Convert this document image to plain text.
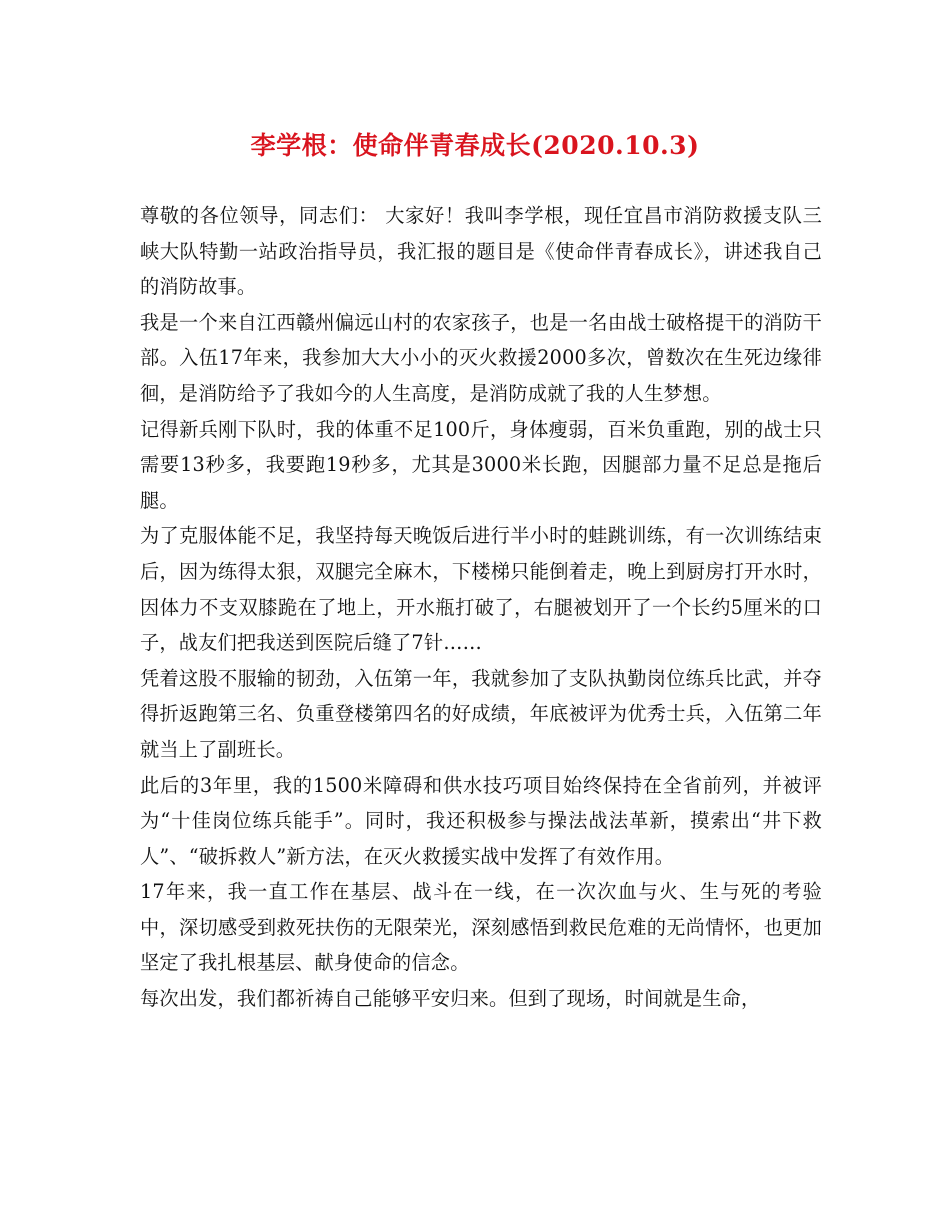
李学根：使命伴青春成长(2020.10.3)

尊敬的各位领导，同志们： 大家好！我叫李学根，现任宜昌市消防救援支队三峡大队特勤一站政治指导员，我汇报的题目是《使命伴青春成长》，讲述我自己的消防故事。

我是一个来自江西赣州偏远山村的农家孩子，也是一名由战士破格提干的消防干部。入伍17年来，我参加大大小小的灭火救援2000多次，曾数次在生死边缘徘徊，是消防给予了我如今的人生高度，是消防成就了我的人生梦想。

记得新兵刚下队时，我的体重不足100斤，身体瘦弱，百米负重跑，别的战士只需要13秒多，我要跑19秒多，尤其是3000米长跑，因腿部力量不足总是拖后腿。

为了克服体能不足，我坚持每天晚饭后进行半小时的蛙跳训练，有一次训练结束后，因为练得太狠，双腿完全麻木，下楼梯只能倒着走，晚上到厨房打开水时，因体力不支双膝跪在了地上，开水瓶打破了，右腿被划开了一个长约5厘米的口子，战友们把我送到医院后缝了7针……

凭着这股不服输的韧劲，入伍第一年，我就参加了支队执勤岗位练兵比武，并夺得折返跑第三名、负重登楼第四名的好成绩，年底被评为优秀士兵，入伍第二年就当上了副班长。

此后的3年里，我的1500米障碍和供水技巧项目始终保持在全省前列，并被评为“十佳岗位练兵能手”。同时，我还积极参与操法战法革新，摸索出“井下救人”、“破拆救人”新方法，在灭火救援实战中发挥了有效作用。

17年来，我一直工作在基层、战斗在一线，在一次次血与火、生与死的考验中，深切感受到救死扶伤的无限荣光，深刻感悟到救民危难的无尚情怀，也更加坚定了我扎根基层、献身使命的信念。

每次出发，我们都祈祷自己能够平安归来。但到了现场，时间就是生命，
